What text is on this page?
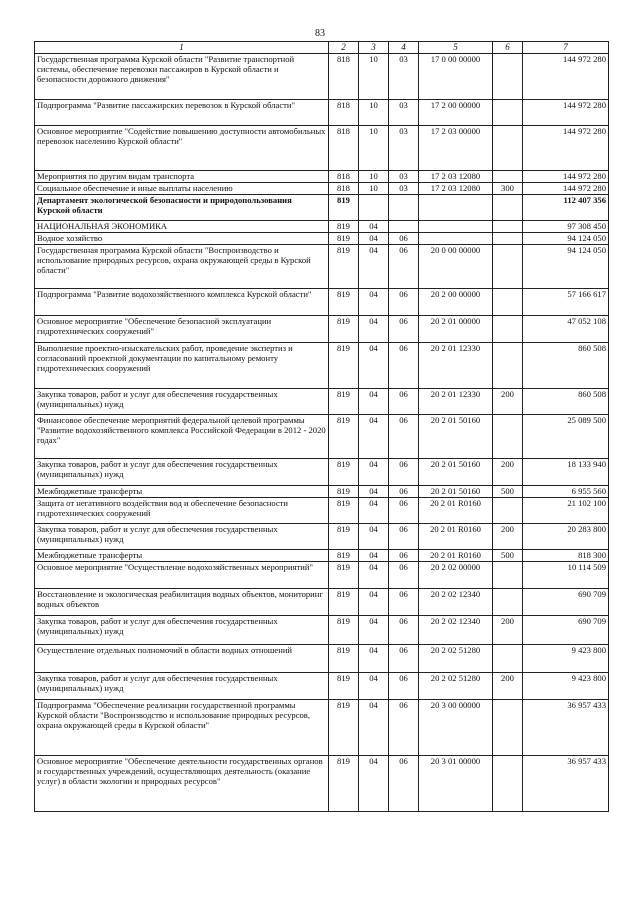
83
1	2	3	4	5	6	7
Государственная программа Курской области "Развитие транспортной системы, обеспечение перевозки пассажиров в Курской области и безопасности дорожного движения"	818	10	03	17 0 00 00000		144 972 280
Подпрограмма "Развитие пассажирских перевозок в Курской области"	818	10	03	17 2 00 00000		144 972 280
Основное мероприятие "Содействие повышению доступности автомобильных перевозок населению Курской области"	818	10	03	17 2 03 00000		144 972 280
Мероприятия по другим видам транспорта	818	10	03	17 2 03 12080		144 972 280
Социальное обеспечение и иные выплаты населению	818	10	03	17 2 03 12080	300	144 972 280
Департамент экологической безопасности и природопользования Курской области	819					112 407 356
НАЦИОНАЛЬНАЯ ЭКОНОМИКА	819	04				97 308 450
Водное хозяйство	819	04	06			94 124 050
Государственная программа Курской области "Воспроизводство и использование природных ресурсов, охрана окружающей среды в Курской области"	819	04	06	20 0 00 00000		94 124 050
Подпрограмма "Развитие водохозяйственного комплекса Курской области"	819	04	06	20 2 00 00000		57 166 617
Основное мероприятие "Обеспечение безопасной эксплуатации гидротехнических сооружений"	819	04	06	20 2 01 00000		47 052 108
Выполнение проектно-изыскательских работ, проведение экспертиз и согласований проектной документации по капитальному ремонту гидротехнических сооружений	819	04	06	20 2 01 12330		860 508
Закупка товаров, работ и услуг для обеспечения государственных (муниципальных) нужд	819	04	06	20 2 01 12330	200	860 508
Финансовое обеспечение мероприятий федеральной целевой программы "Развитие водохозяйственного комплекса Российской Федерации в 2012 - 2020 годах"	819	04	06	20 2 01 50160		25 089 500
Закупка товаров, работ и услуг для обеспечения государственных (муниципальных) нужд	819	04	06	20 2 01 50160	200	18 133 940
Межбюджетные трансферты	819	04	06	20 2 01 50160	500	6 955 560
Защита от негативного воздействия вод и обеспечение безопасности гидротехнических сооружений	819	04	06	20 2 01 R0160		21 102 100
Закупка товаров, работ и услуг для обеспечения государственных (муниципальных) нужд	819	04	06	20 2 01 R0160	200	20 283 800
Межбюджетные трансферты	819	04	06	20 2 01 R0160	500	818 300
Основное мероприятие "Осуществление водохозяйственных мероприятий"	819	04	06	20 2 02 00000		10 114 509
Восстановление и экологическая реабилитация водных объектов, мониторинг водных объектов	819	04	06	20 2 02 12340		690 709
Закупка товаров, работ и услуг для обеспечения государственных (муниципальных) нужд	819	04	06	20 2 02 12340	200	690 709
Осуществление отдельных полномочий в области водных отношений	819	04	06	20 2 02 51280		9 423 800
Закупка товаров, работ и услуг для обеспечения государственных (муниципальных) нужд	819	04	06	20 2 02 51280	200	9 423 800
Подпрограмма "Обеспечение реализации государственной программы Курской области "Воспроизводство и использование природных ресурсов, охрана окружающей среды в Курской области"	819	04	06	20 3 00 00000		36 957 433
Основное мероприятие "Обеспечение деятельности государственных органов и государственных учреждений, осуществляющих деятельность (оказание услуг) в области экологии и природных ресурсов"	819	04	06	20 3 01 00000		36 957 433
